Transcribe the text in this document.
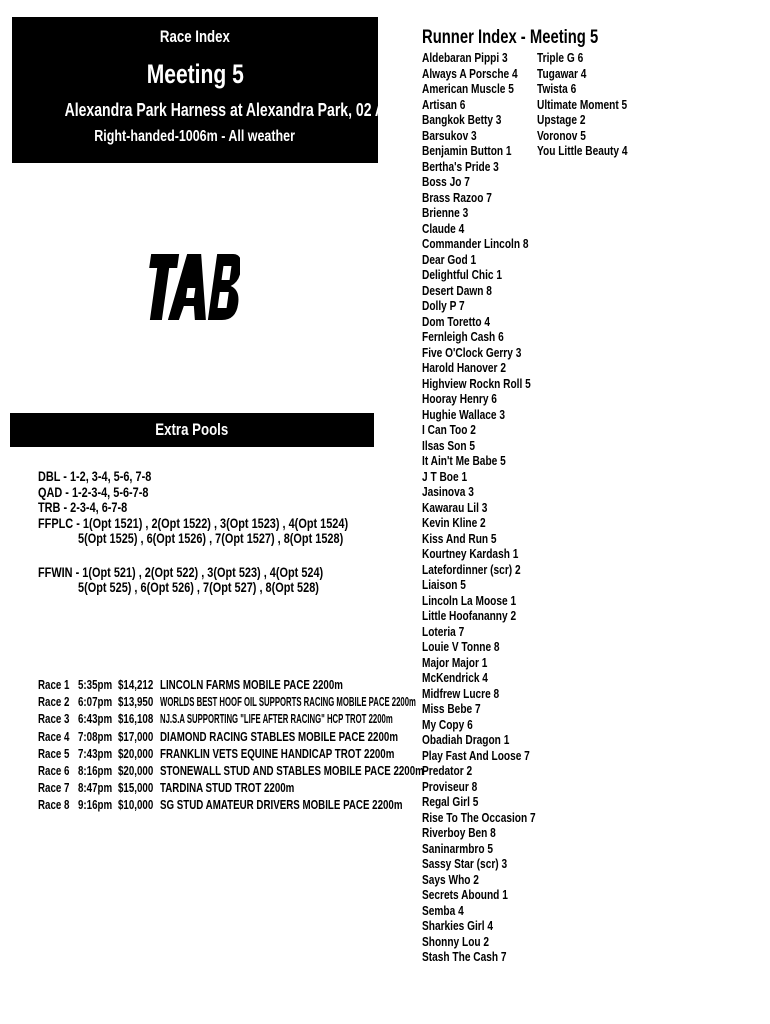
Race Index
Meeting 5
Alexandra Park Harness at Alexandra Park, 02 Aug 2024
Right-handed-1006m - All weather
Extra Pools
DBL - 1-2, 3-4, 5-6, 7-8
QAD - 1-2-3-4, 5-6-7-8
TRB - 2-3-4, 6-7-8
FFPLC - 1(Opt 1521) , 2(Opt 1522) , 3(Opt 1523) , 4(Opt 1524)
5(Opt 1525) , 6(Opt 1526) , 7(Opt 1527) , 8(Opt 1528)
FFWIN - 1(Opt 521) , 2(Opt 522) , 3(Opt 523) , 4(Opt 524)
5(Opt 525) , 6(Opt 526) , 7(Opt 527) , 8(Opt 528)
Race 1 5:35pm $14,212 LINCOLN FARMS MOBILE PACE 2200m
Race 2 6:07pm $13,950 WORLDS BEST HOOF OIL SUPPORTS RACING MOBILE PACE 2200m
Race 3 6:43pm $16,108 NJ.S.A SUPPORTING "LIFE AFTER RACING" HCP TROT 2200m
Race 4 7:08pm $17,000 DIAMOND RACING STABLES MOBILE PACE 2200m
Race 5 7:43pm $20,000 FRANKLIN VETS EQUINE HANDICAP TROT 2200m
Race 6 8:16pm $20,000 STONEWALL STUD AND STABLES MOBILE PACE 2200m
Race 7 8:47pm $15,000 TARDINA STUD TROT 2200m
Race 8 9:16pm $10,000 SG STUD AMATEUR DRIVERS MOBILE PACE 2200m
Runner Index - Meeting 5
Aldebaran Pippi 3
Always A Porsche 4
American Muscle 5
Artisan 6
Bangkok Betty 3
Barsukov 3
Benjamin Button 1
Bertha's Pride 3
Boss Jo 7
Brass Razoo 7
Brienne 3
Claude 4
Commander Lincoln 8
Dear God 1
Delightful Chic 1
Desert Dawn 8
Dolly P 7
Dom Toretto 4
Fernleigh Cash 6
Five O'Clock Gerry 3
Harold Hanover 2
Highview Rockn Roll 5
Hooray Henry 6
Hughie Wallace 3
I Can Too 2
Ilsas Son 5
It Ain't Me Babe 5
J T Boe 1
Jasinova 3
Kawarau Lil 3
Kevin Kline 2
Kiss And Run 5
Kourtney Kardash 1
Latefordinner (scr) 2
Liaison 5
Lincoln La Moose 1
Little Hoofananny 2
Loteria 7
Louie V Tonne 8
Major Major 1
McKendrick 4
Midfrew Lucre 8
Miss Bebe 7
My Copy 6
Obadiah Dragon 1
Play Fast And Loose 7
Predator 2
Proviseur 8
Regal Girl 5
Rise To The Occasion 7
Riverboy Ben 8
Saninarmbro 5
Sassy Star (scr) 3
Says Who 2
Secrets Abound 1
Semba 4
Sharkies Girl 4
Shonny Lou 2
Stash The Cash 7
Triple G 6
Tugawar 4
Twista 6
Ultimate Moment 5
Upstage 2
Voronov 5
You Little Beauty 4
